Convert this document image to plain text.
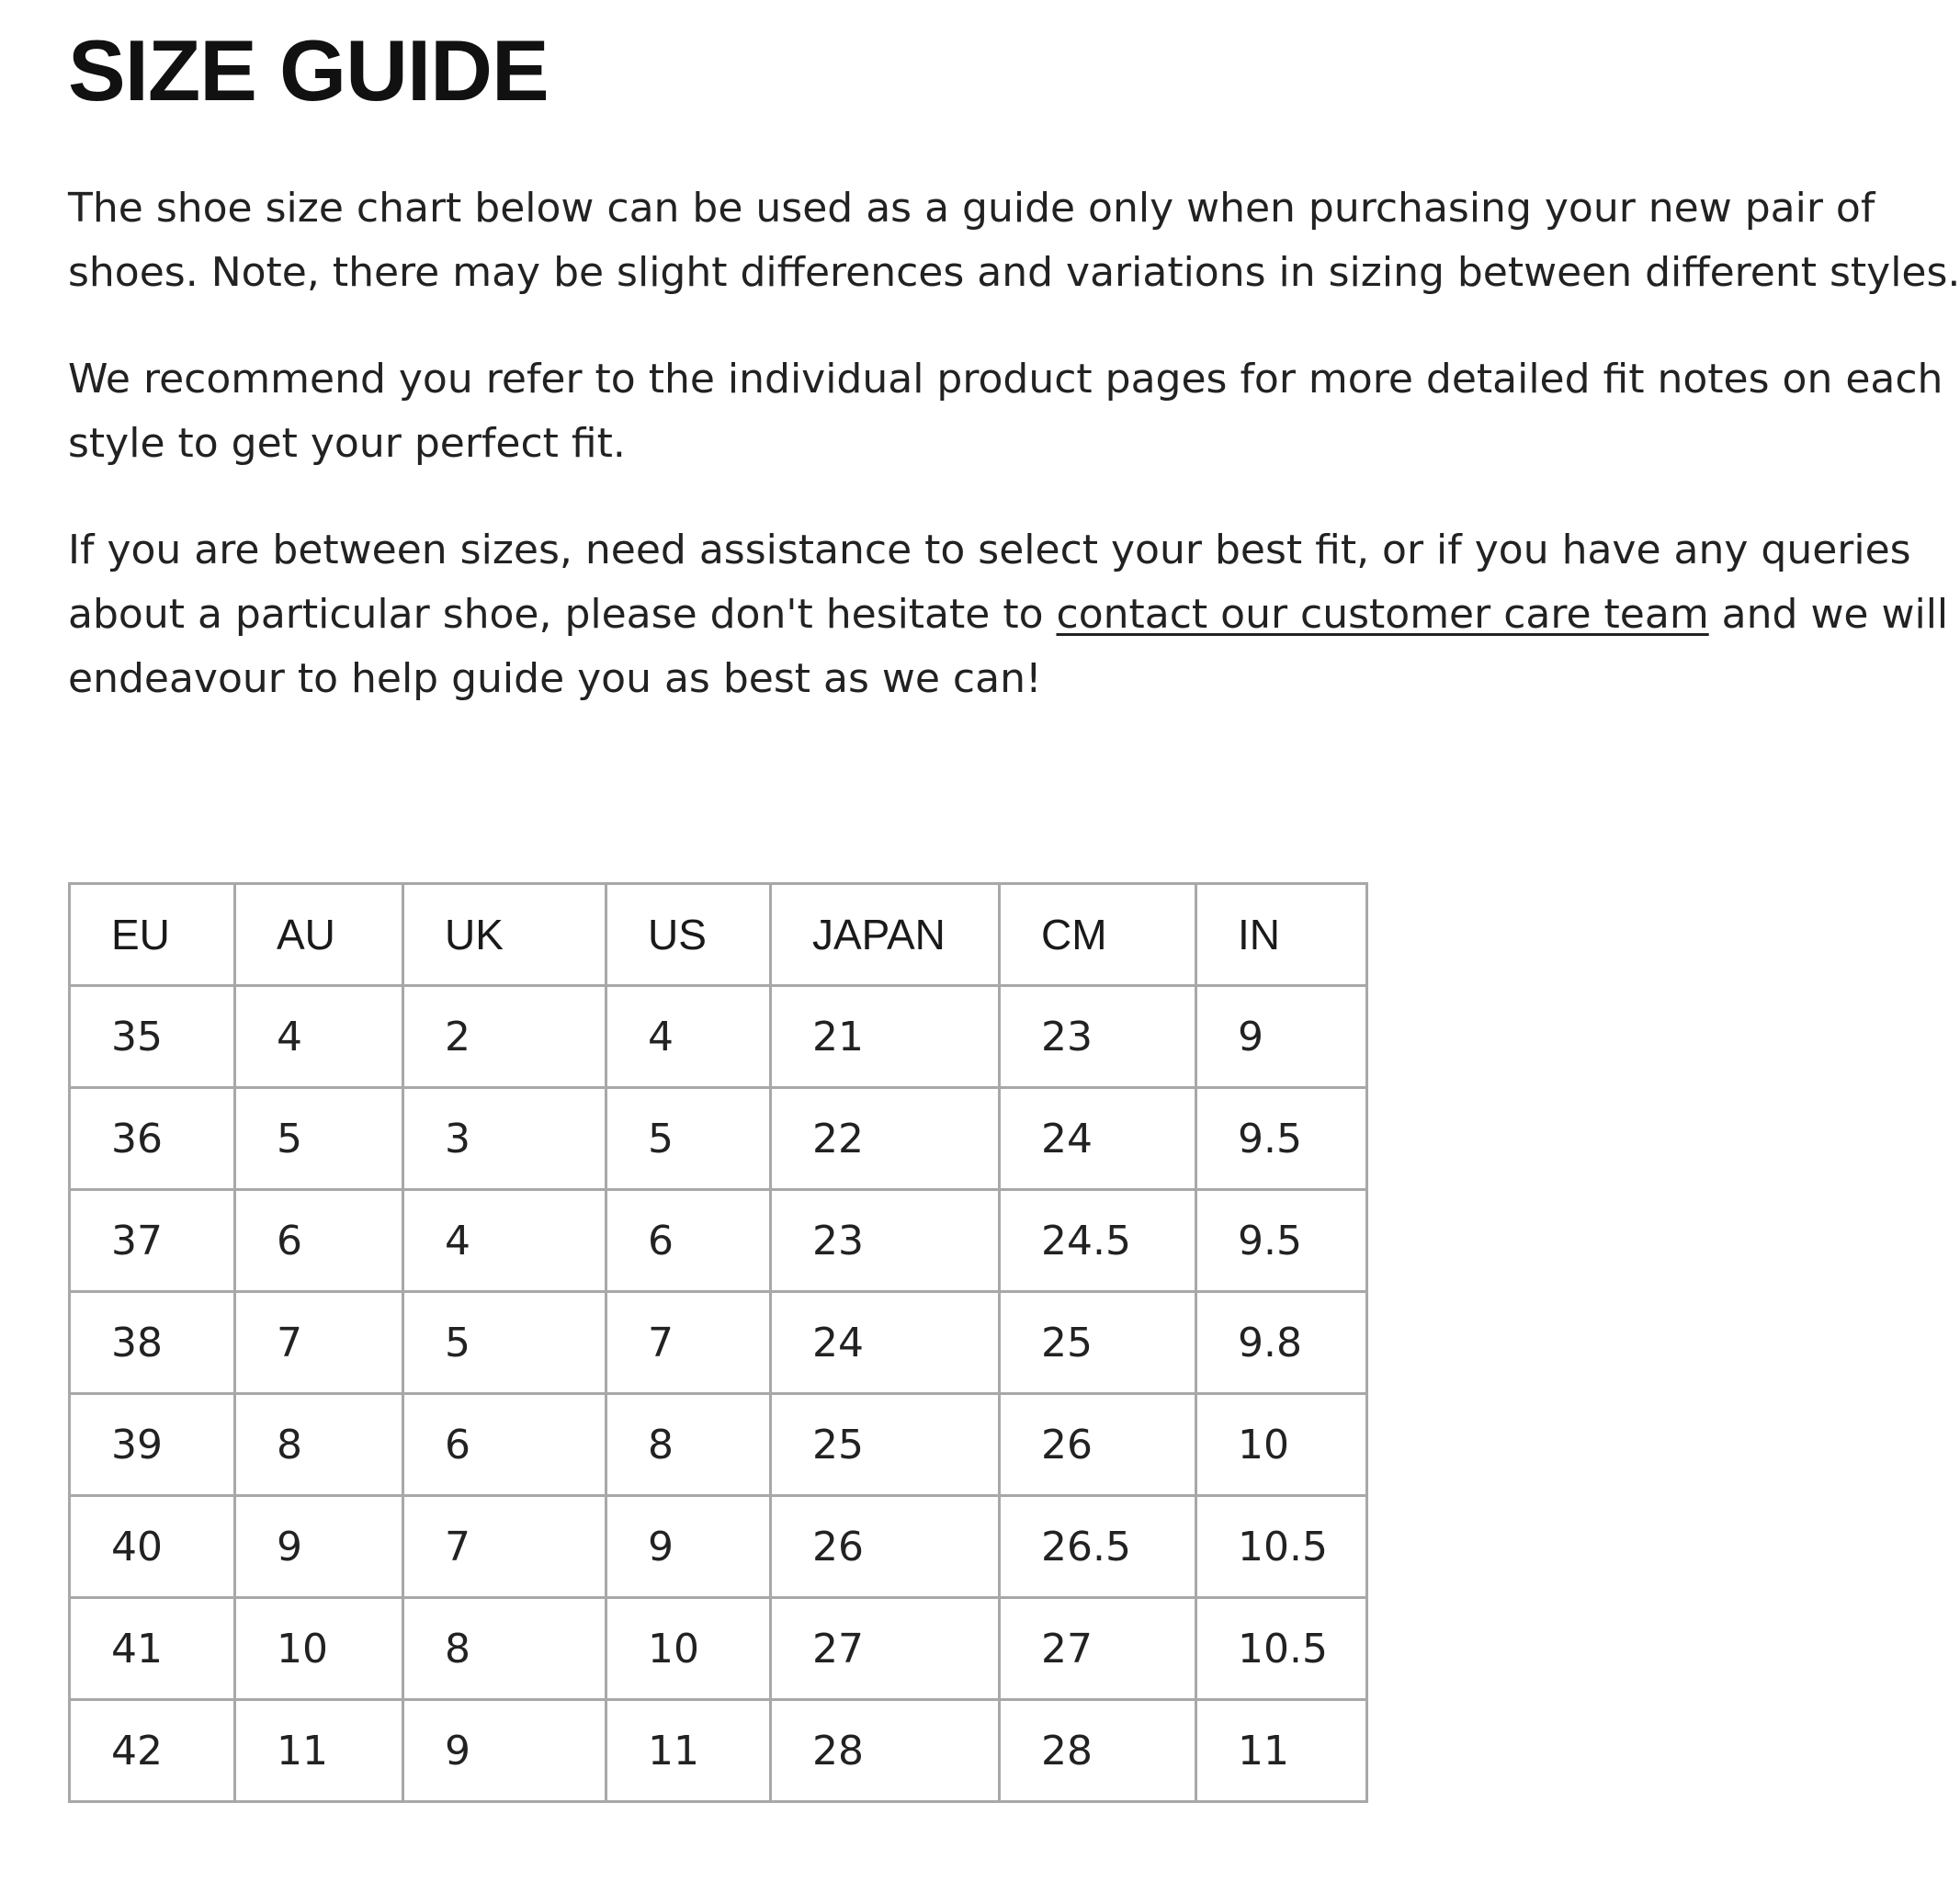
SIZE GUIDE

The shoe size chart below can be used as a guide only when purchasing your new pair of
shoes. Note, there may be slight differences and variations in sizing between different styles.

We recommend you refer to the individual product pages for more detailed fit notes on each
style to get your perfect fit.

If you are between sizes, need assistance to select your best fit, or if you have any queries
about a particular shoe, please don't hesitate to contact our customer care team and we will
endeavour to help guide you as best as we can!

EU	AU	UK	US	JAPAN	CM	IN
35	4	2	4	21	23	9
36	5	3	5	22	24	9.5
37	6	4	6	23	24.5	9.5
38	7	5	7	24	25	9.8
39	8	6	8	25	26	10
40	9	7	9	26	26.5	10.5
41	10	8	10	27	27	10.5
42	11	9	11	28	28	11
